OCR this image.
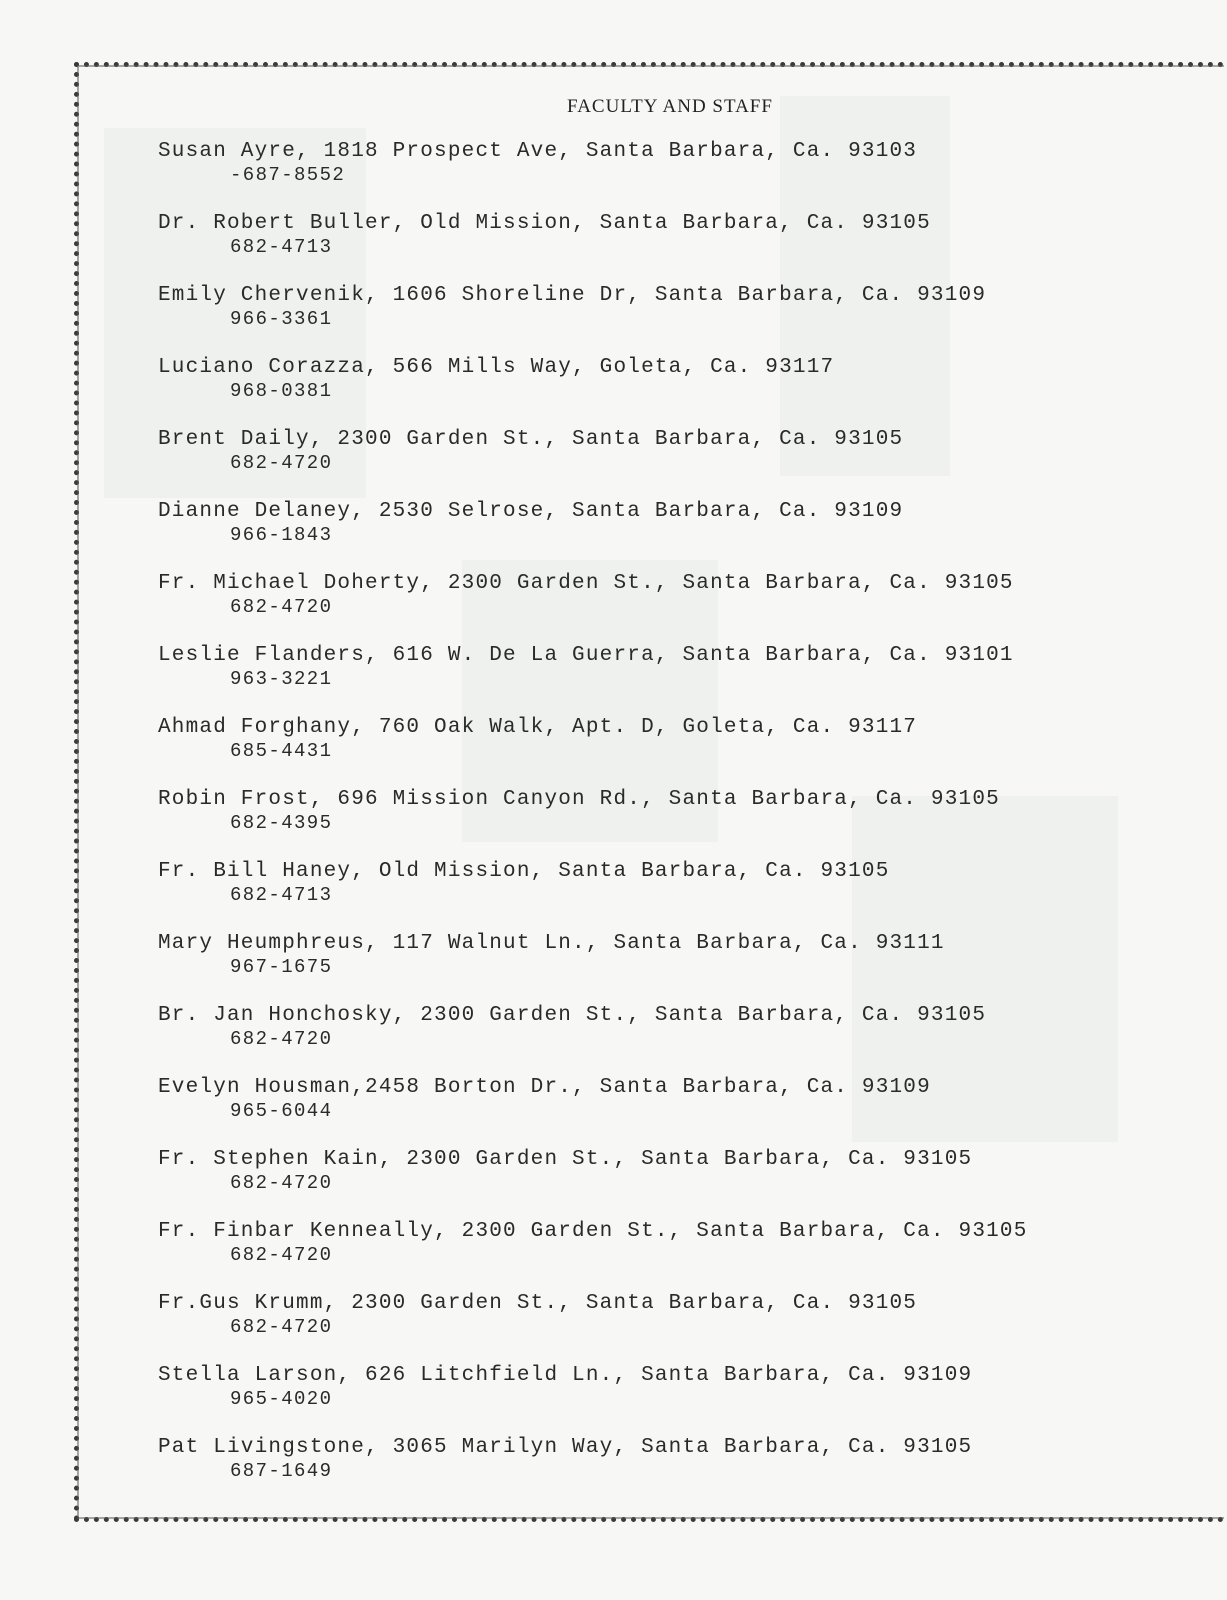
FACULTY AND STAFF
Susan Ayre, 1818 Prospect Ave, Santa Barbara, Ca. 93103
-687-8552
Dr. Robert Buller, Old Mission, Santa Barbara, Ca. 93105
682-4713
Emily Chervenik, 1606 Shoreline Dr, Santa Barbara, Ca. 93109
966-3361
Luciano Corazza, 566 Mills Way, Goleta, Ca. 93117
968-0381
Brent Daily, 2300 Garden St., Santa Barbara, Ca. 93105
682-4720
Dianne Delaney, 2530 Selrose, Santa Barbara, Ca. 93109
966-1843
Fr. Michael Doherty, 2300 Garden St., Santa Barbara, Ca. 93105
682-4720
Leslie Flanders, 616 W. De La Guerra, Santa Barbara, Ca. 93101
963-3221
Ahmad Forghany, 760 Oak Walk, Apt. D, Goleta, Ca. 93117
685-4431
Robin Frost, 696 Mission Canyon Rd., Santa Barbara, Ca. 93105
682-4395
Fr. Bill Haney, Old Mission, Santa Barbara, Ca. 93105
682-4713
Mary Heumphreus, 117 Walnut Ln., Santa Barbara, Ca. 93111
967-1675
Br. Jan Honchosky, 2300 Garden St., Santa Barbara, Ca. 93105
682-4720
Evelyn Housman,2458 Borton Dr., Santa Barbara, Ca. 93109
965-6044
Fr. Stephen Kain, 2300 Garden St., Santa Barbara, Ca. 93105
682-4720
Fr. Finbar Kenneally, 2300 Garden St., Santa Barbara, Ca. 93105
682-4720
Fr.Gus Krumm, 2300 Garden St., Santa Barbara, Ca. 93105
682-4720
Stella Larson, 626 Litchfield Ln., Santa Barbara, Ca. 93109
965-4020
Pat Livingstone, 3065 Marilyn Way, Santa Barbara, Ca. 93105
687-1649
